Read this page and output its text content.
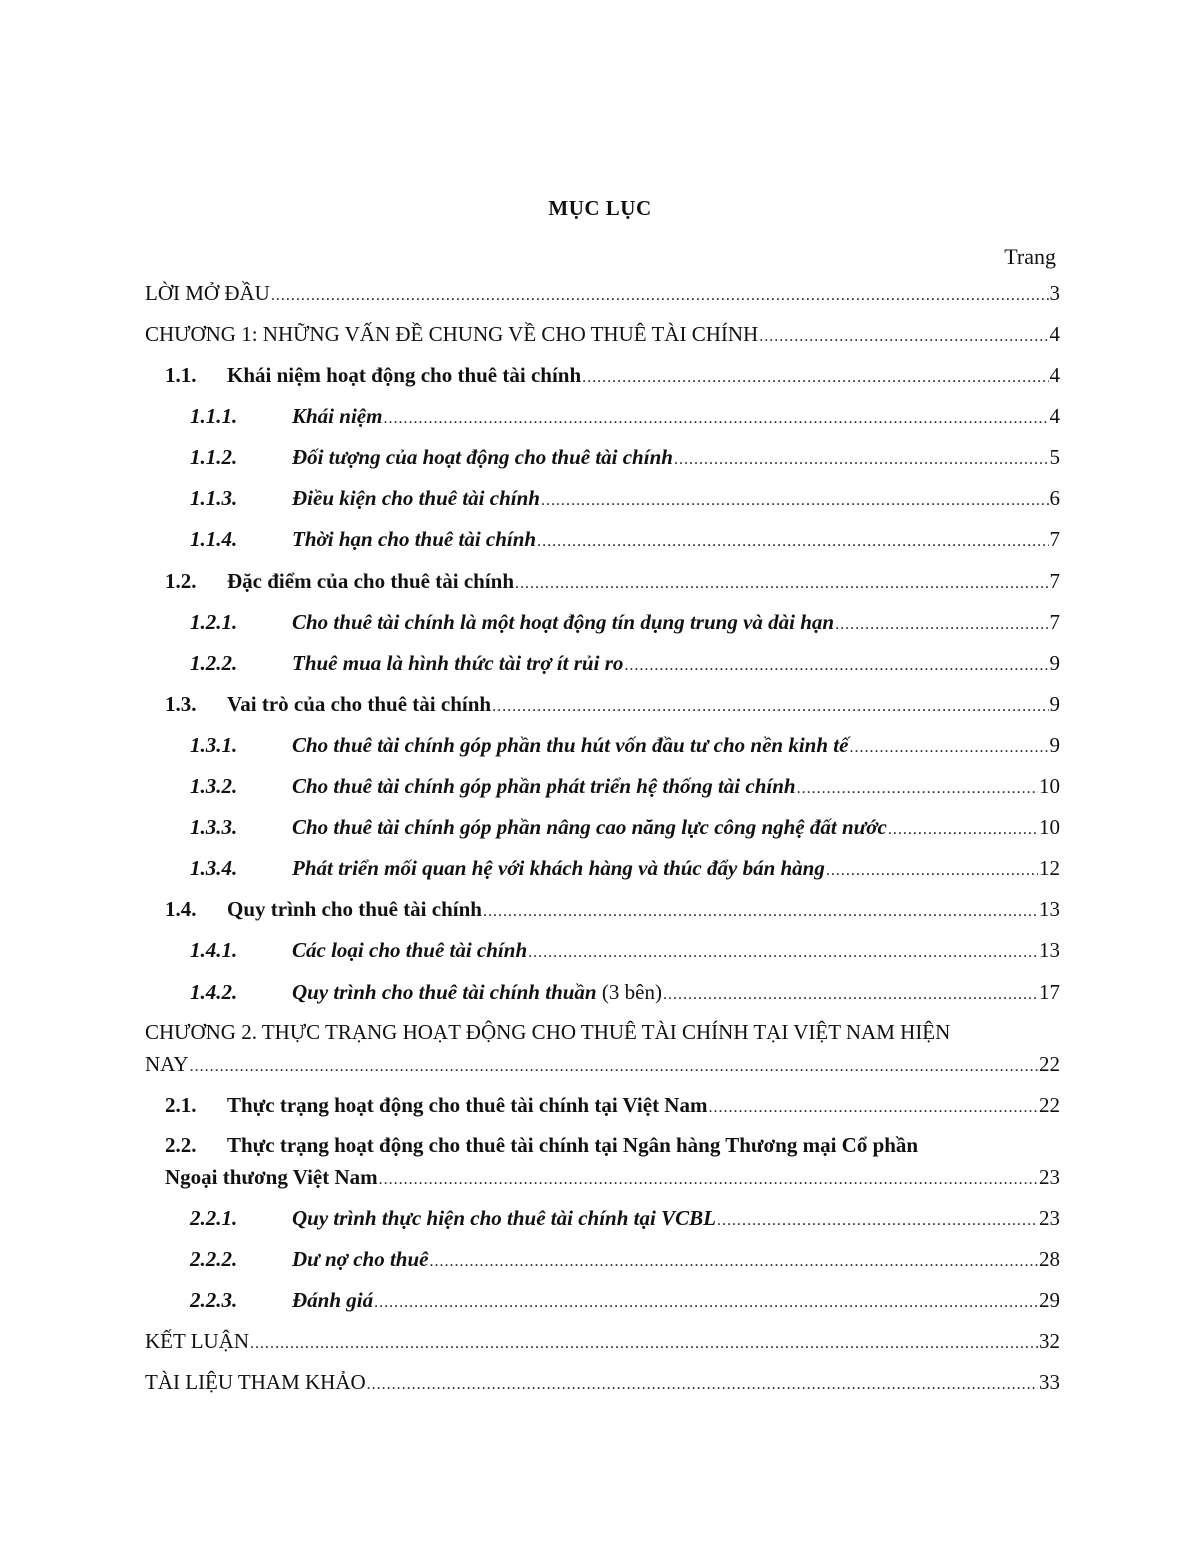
MỤC LỤC
Trang
LỜI MỞ ĐẦU .....	3
CHƯƠNG 1: NHỮNG VẤN ĐỀ CHUNG VỀ CHO THUÊ TÀI CHÍNH .....	4
1.1.	Khái niệm hoạt động cho thuê tài chính .....	4
1.1.1.	Khái niệm .....	4
1.1.2.	Đối tượng của hoạt động cho thuê tài chính .....	5
1.1.3.	Điều kiện cho thuê tài chính .....	6
1.1.4.	Thời hạn cho thuê tài chính .....	7
1.2.	Đặc điểm của cho thuê tài chính .....	7
1.2.1.	Cho thuê tài chính là một hoạt động tín dụng trung và dài hạn .....	7
1.2.2.	Thuê mua là hình thức tài trợ ít rủi ro .....	9
1.3.	Vai trò của cho thuê tài chính .....	9
1.3.1.	Cho thuê tài chính góp phần thu hút vốn đầu tư cho nền kinh tế .....	9
1.3.2.	Cho thuê tài chính góp phần phát triển hệ thống tài chính .....	10
1.3.3.	Cho thuê tài chính góp phần nâng cao năng lực công nghệ đất nước .....	10
1.3.4.	Phát triển mối quan hệ với khách hàng và thúc đẩy bán hàng .....	12
1.4.	Quy trình cho thuê tài chính .....	13
1.4.1.	Các loại cho thuê tài chính .....	13
1.4.2.	Quy trình cho thuê tài chính thuần (3 bên) .....	17
CHƯƠNG 2. THỰC TRẠNG HOẠT ĐỘNG CHO THUÊ TÀI CHÍNH TẠI VIỆT NAM HIỆN
NAY .....	22
2.1.	Thực trạng hoạt động cho thuê tài chính tại Việt Nam .....	22
2.2. Thực trạng hoạt động cho thuê tài chính tại Ngân hàng Thương mại Cổ phần
Ngoại thương Việt Nam .....	23
2.2.1.	Quy trình thực hiện cho thuê tài chính tại VCBL .....	23
2.2.2.	Dư nợ cho thuê .....	28
2.2.3.	Đánh giá .....	29
KẾT LUẬN .....	32
TÀI LIỆU THAM KHẢO .....	33
